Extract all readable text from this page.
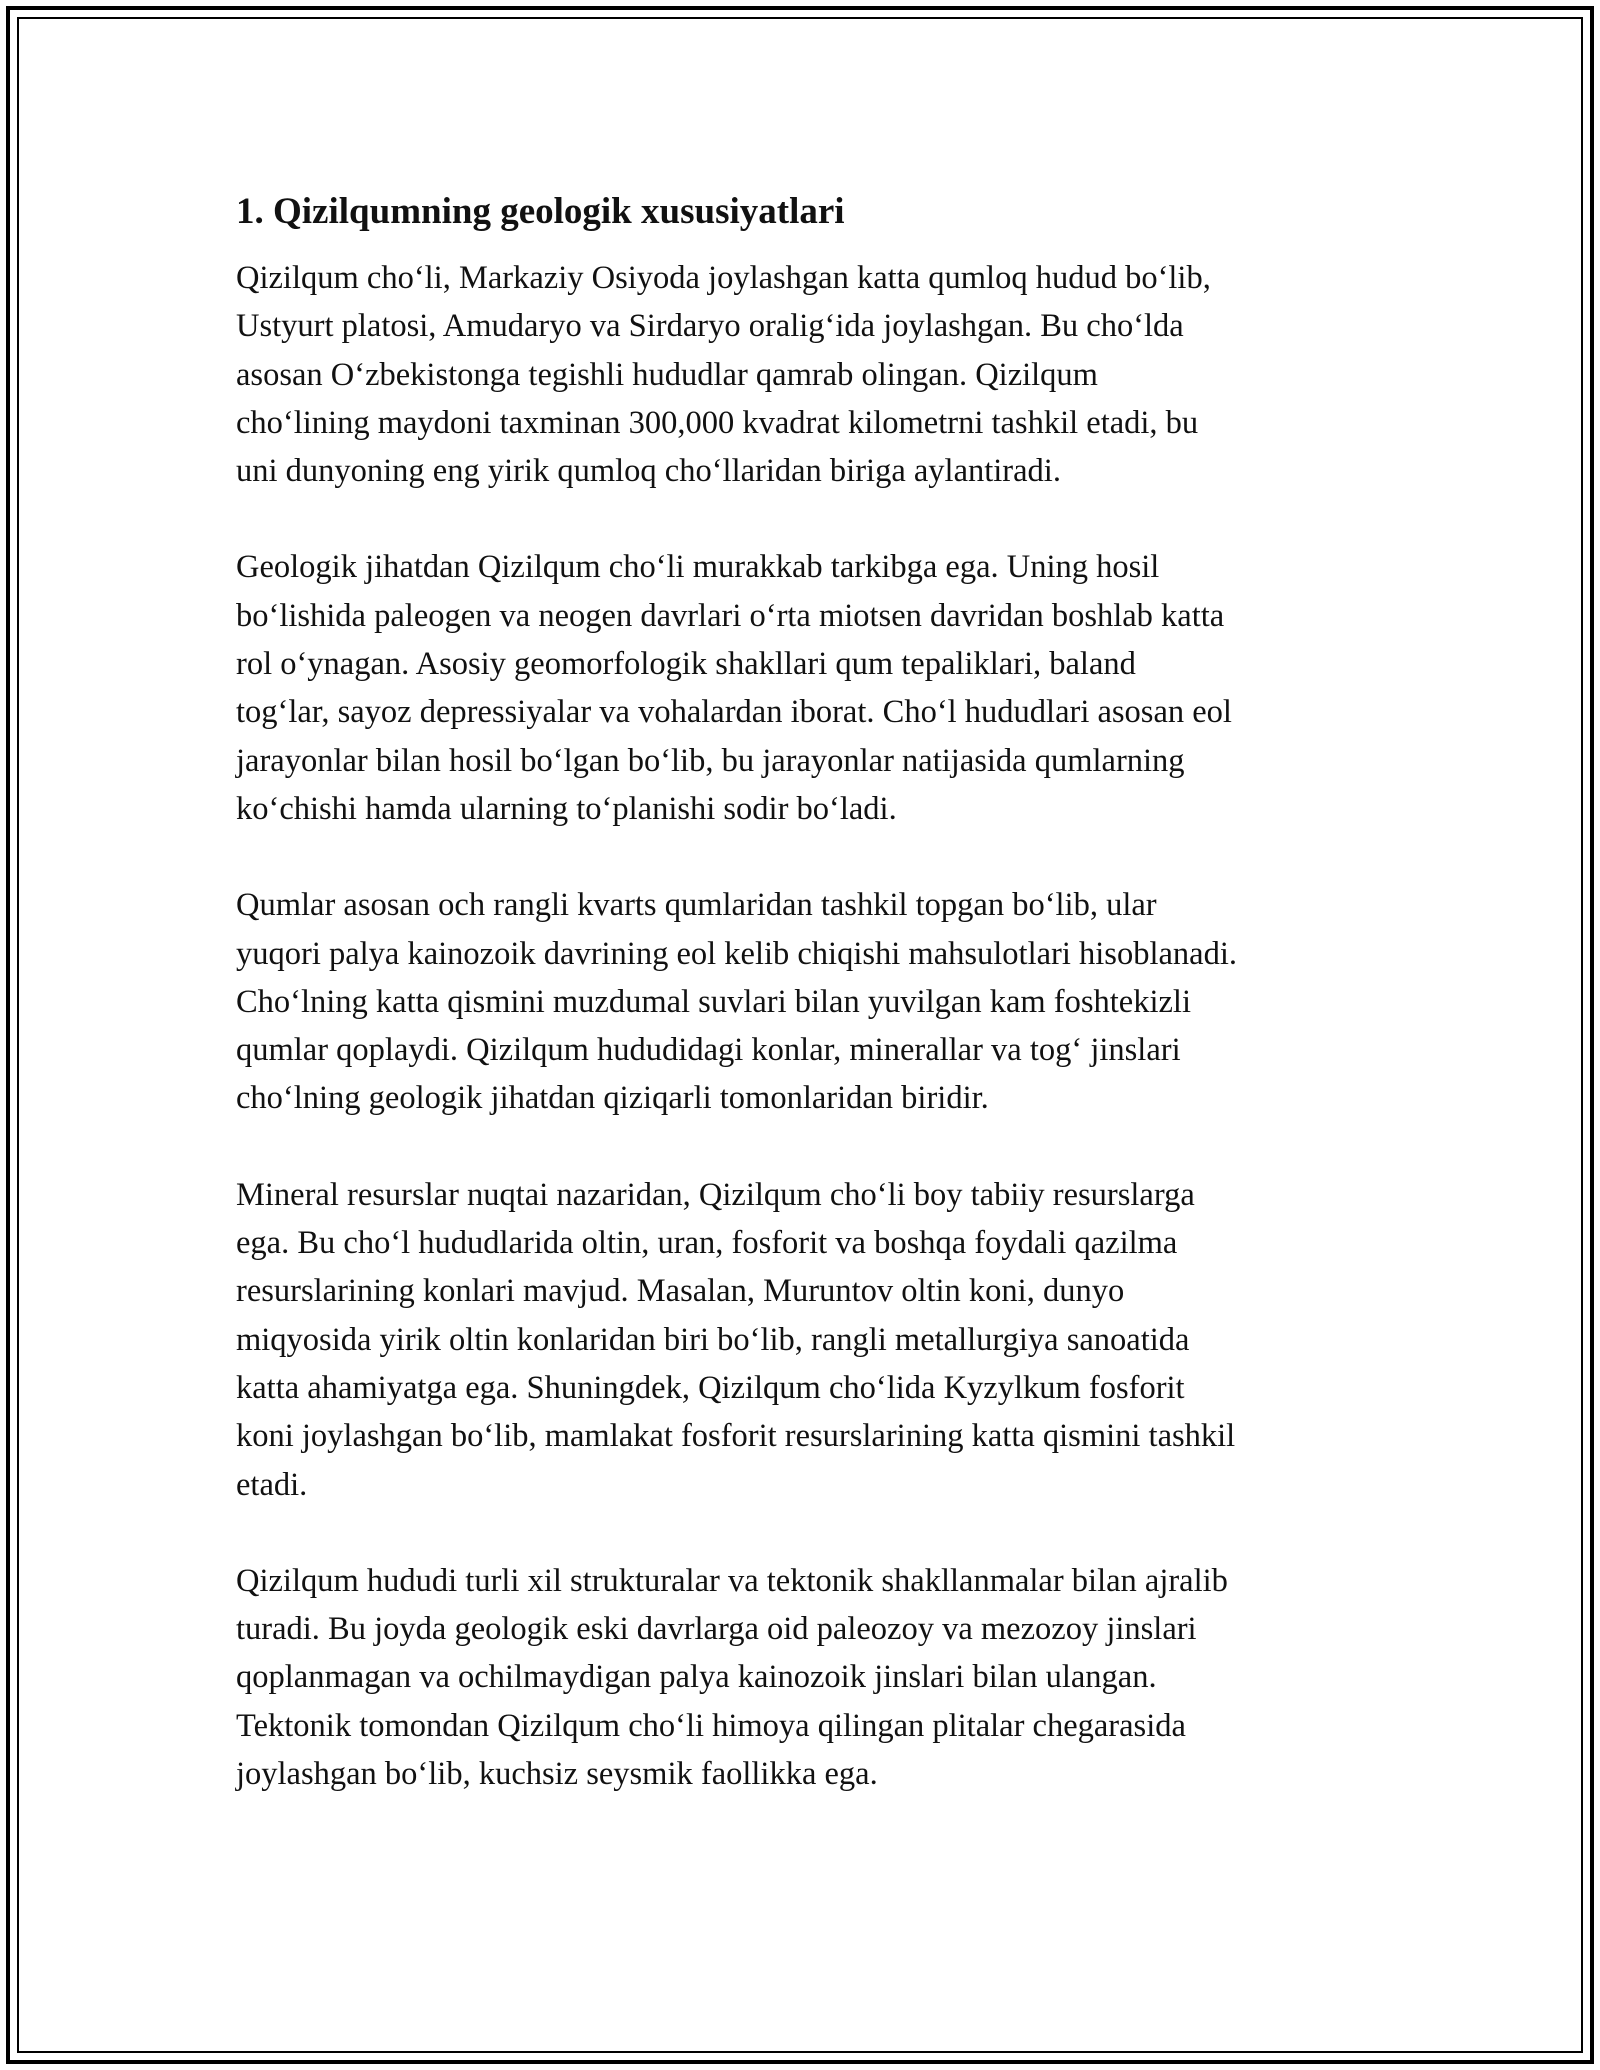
1. Qizilqumning geologik xususiyatlari

Qizilqum cho‘li, Markaziy Osiyoda joylashgan katta qumloq hudud bo‘lib,
Ustyurt platosi, Amudaryo va Sirdaryo oralig‘ida joylashgan. Bu cho‘lda
asosan O‘zbekistonga tegishli hududlar qamrab olingan. Qizilqum
cho‘lining maydoni taxminan 300,000 kvadrat kilometrni tashkil etadi, bu
uni dunyoning eng yirik qumloq cho‘llaridan biriga aylantiradi.

Geologik jihatdan Qizilqum cho‘li murakkab tarkibga ega. Uning hosil
bo‘lishida paleogen va neogen davrlari o‘rta miotsen davridan boshlab katta
rol o‘ynagan. Asosiy geomorfologik shakllari qum tepaliklari, baland
tog‘lar, sayoz depressiyalar va vohalardan iborat. Cho‘l hududlari asosan eol
jarayonlar bilan hosil bo‘lgan bo‘lib, bu jarayonlar natijasida qumlarning
ko‘chishi hamda ularning to‘planishi sodir bo‘ladi.

Qumlar asosan och rangli kvarts qumlaridan tashkil topgan bo‘lib, ular
yuqori palya kainozoik davrining eol kelib chiqishi mahsulotlari hisoblanadi.
Cho‘lning katta qismini muzdumal suvlari bilan yuvilgan kam foshtekizli
qumlar qoplaydi. Qizilqum hududidagi konlar, minerallar va tog‘ jinslari
cho‘lning geologik jihatdan qiziqarli tomonlaridan biridir.

Mineral resurslar nuqtai nazaridan, Qizilqum cho‘li boy tabiiy resurslarga
ega. Bu cho‘l hududlarida oltin, uran, fosforit va boshqa foydali qazilma
resurslarining konlari mavjud. Masalan, Muruntov oltin koni, dunyo
miqyosida yirik oltin konlaridan biri bo‘lib, rangli metallurgiya sanoatida
katta ahamiyatga ega. Shuningdek, Qizilqum cho‘lida Kyzylkum fosforit
koni joylashgan bo‘lib, mamlakat fosforit resurslarining katta qismini tashkil
etadi.

Qizilqum hududi turli xil strukturalar va tektonik shakllanmalar bilan ajralib
turadi. Bu joyda geologik eski davrlarga oid paleozoy va mezozoy jinslari
qoplanmagan va ochilmaydigan palya kainozoik jinslari bilan ulangan.
Tektonik tomondan Qizilqum cho‘li himoya qilingan plitalar chegarasida
joylashgan bo‘lib, kuchsiz seysmik faollikka ega.
